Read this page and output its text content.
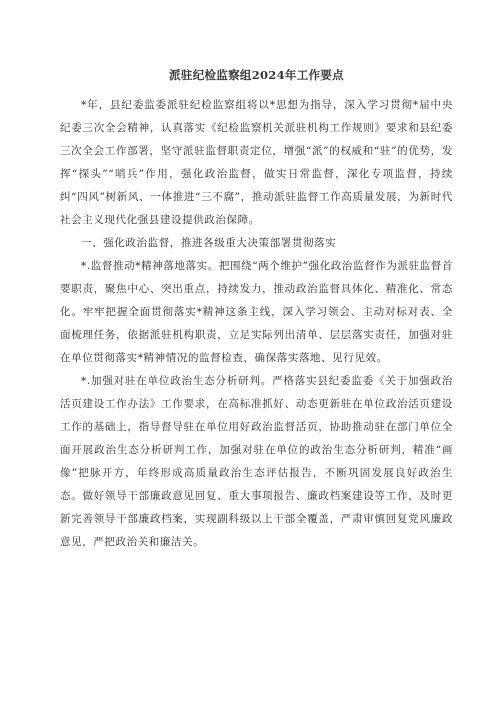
派驻纪检监察组2024年工作要点

*年，县纪委监委派驻纪检监察组将以*思想为指导，深入学习贯彻*届中央纪委三次全会精神，认真落实《纪检监察机关派驻机构工作规则》要求和县纪委三次全会工作部署，坚守派驻监督职责定位，增强“派”的权威和“驻”的优势，发挥“探头”“哨兵”作用，强化政治监督，做实日常监督，深化专项监督，持续纠“四风”树新风、一体推进“三不腐”，推动派驻监督工作高质量发展，为新时代社会主义现代化强县建设提供政治保障。

一、强化政治监督，推进各级重大决策部署贯彻落实

*.监督推动*精神落地落实。把围绕“两个维护”强化政治监督作为派驻监督首要职责，聚焦中心、突出重点，持续发力，推动政治监督具体化、精准化、常态化。牢牢把握全面贯彻落实*精神这条主线，深入学习领会、主动对标对表、全面梳理任务，依据派驻机构职责，立足实际列出清单、层层落实责任，加强对驻在单位贯彻落实*精神情况的监督检查，确保落实落地、见行见效。

*.加强对驻在单位政治生态分析研判。严格落实县纪委监委《关于加强政治活页建设工作办法》工作要求，在高标准抓好、动态更新驻在单位政治活页建设工作的基础上，指导督导驻在单位用好政治监督活页，协助推动驻在部门单位全面开展政治生态分析研判工作，加强对驻在单位的政治生态分析研判，精准“画像”把脉开方，年终形成高质量政治生态评估报告，不断巩固发展良好政治生态。做好领导干部廉政意见回复、重大事项报告、廉政档案建设等工作，及时更新完善领导干部廉政档案，实现副科级以上干部全覆盖，严肃审慎回复党风廉政意见，严把政治关和廉洁关。
